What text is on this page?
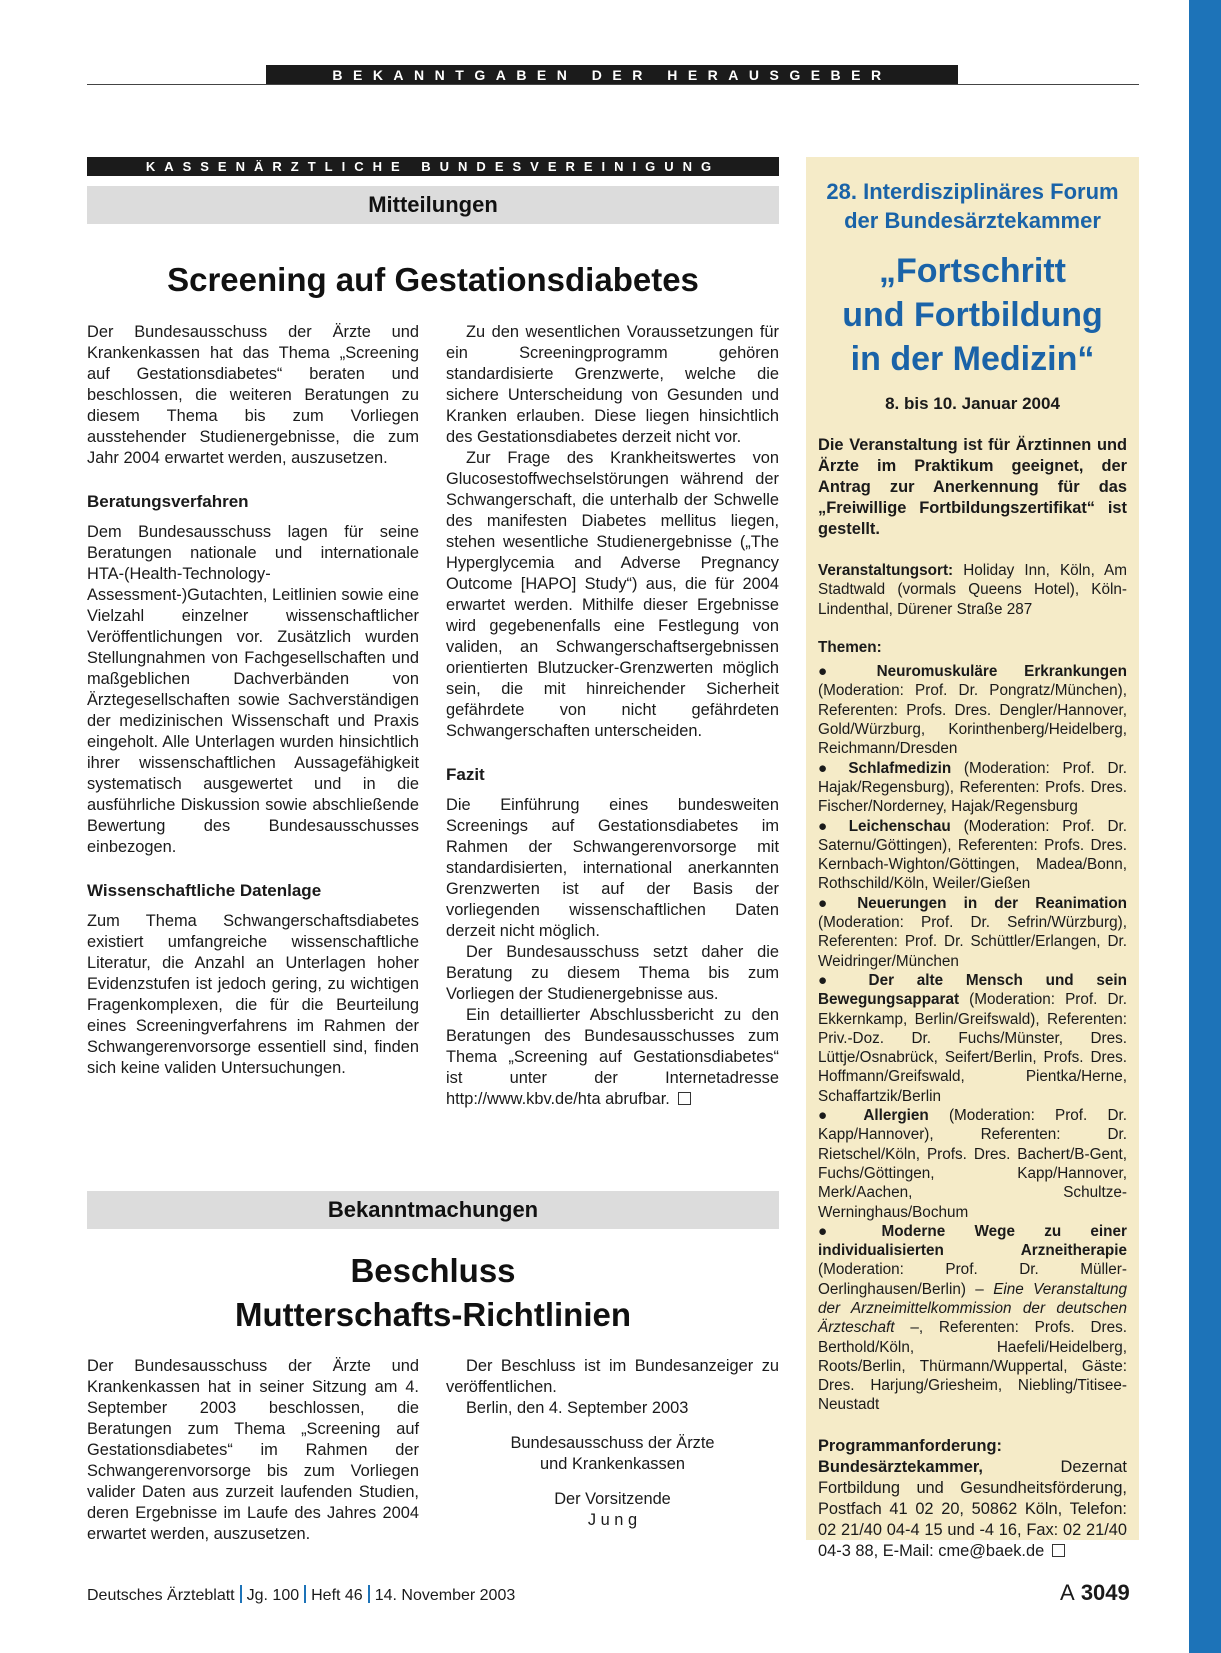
BEKANNTGABEN DER HERAUSGEBER
KASSENÄRZTLICHE BUNDESVEREINIGUNG
Mitteilungen
Screening auf Gestationsdiabetes

Der Bundesausschuss der Ärzte und Krankenkassen hat das Thema „Screening auf Gestationsdiabetes“ beraten und beschlossen, die weiteren Beratungen zu diesem Thema bis zum Vorliegen ausstehender Studienergebnisse, die zum Jahr 2004 erwartet werden, auszusetzen.

Beratungsverfahren

Dem Bundesausschuss lagen für seine Beratungen nationale und internationale HTA-(Health-Technology-Assessment-)Gutachten, Leitlinien sowie eine Vielzahl einzelner wissenschaftlicher Veröffentlichungen vor. Zusätzlich wurden Stellungnahmen von Fachgesellschaften und maßgeblichen Dachverbänden von Ärztegesellschaften sowie Sachverständigen der medizinischen Wissenschaft und Praxis eingeholt. Alle Unterlagen wurden hinsichtlich ihrer wissenschaftlichen Aussagefähigkeit systematisch ausgewertet und in die ausführliche Diskussion sowie abschließende Bewertung des Bundesausschusses einbezogen.

Wissenschaftliche Datenlage

Zum Thema Schwangerschaftsdiabetes existiert umfangreiche wissenschaftliche Literatur, die Anzahl an Unterlagen hoher Evidenzstufen ist jedoch gering, zu wichtigen Fragenkomplexen, die für die Beurteilung eines Screeningverfahrens im Rahmen der Schwangerenvorsorge essentiell sind, finden sich keine validen Untersuchungen.

Zu den wesentlichen Voraussetzungen für ein Screeningprogramm gehören standardisierte Grenzwerte, welche die sichere Unterscheidung von Gesunden und Kranken erlauben. Diese liegen hinsichtlich des Gestationsdiabetes derzeit nicht vor.

Zur Frage des Krankheitswertes von Glucosestoffwechselstörungen während der Schwangerschaft, die unterhalb der Schwelle des manifesten Diabetes mellitus liegen, stehen wesentliche Studienergebnisse („The Hyperglycemia and Adverse Pregnancy Outcome [HAPO] Study“) aus, die für 2004 erwartet werden. Mithilfe dieser Ergebnisse wird gegebenenfalls eine Festlegung von validen, an Schwangerschaftsergebnissen orientierten Blutzucker-Grenzwerten möglich sein, die mit hinreichender Sicherheit gefährdete von nicht gefährdeten Schwangerschaften unterscheiden.

Fazit

Die Einführung eines bundesweiten Screenings auf Gestationsdiabetes im Rahmen der Schwangerenvorsorge mit standardisierten, international anerkannten Grenzwerten ist auf der Basis der vorliegenden wissenschaftlichen Daten derzeit nicht möglich.

Der Bundesausschuss setzt daher die Beratung zu diesem Thema bis zum Vorliegen der Studienergebnisse aus.

Ein detaillierter Abschlussbericht zu den Beratungen des Bundesausschusses zum Thema „Screening auf Gestationsdiabetes“ ist unter der Internetadresse http://www.kbv.de/hta abrufbar.

Bekanntmachungen
Beschluss
Mutterschafts-Richtlinien

Der Bundesausschuss der Ärzte und Krankenkassen hat in seiner Sitzung am 4. September 2003 beschlossen, die Beratungen zum Thema „Screening auf Gestationsdiabetes“ im Rahmen der Schwangerenvorsorge bis zum Vorliegen valider Daten aus zurzeit laufenden Studien, deren Ergebnisse im Laufe des Jahres 2004 erwartet werden, auszusetzen.

Der Beschluss ist im Bundesanzeiger zu veröffentlichen.

Berlin, den 4. September 2003

Bundesausschuss der Ärzte

und Krankenkassen

Der Vorsitzende

J u n g

28. Interdisziplinäres Forum
der Bundesärztekammer
„Fortschritt
und Fortbildung
in der Medizin“
8. bis 10. Januar 2004

Die Veranstaltung ist für Ärztinnen und Ärzte im Praktikum geeignet, der Antrag zur Anerkennung für das „Freiwillige Fortbildungszertifikat“ ist gestellt.

Veranstaltungsort: Holiday Inn, Köln, Am Stadtwald (vormals Queens Hotel), Köln-Lindenthal, Dürener Straße 287

Themen:

● Neuromuskuläre Erkrankungen (Moderation: Prof. Dr. Pongratz/München), Referenten: Profs. Dres. Dengler/Hannover, Gold/Würzburg, Korinthenberg/Heidelberg, Reichmann/Dresden

● Schlafmedizin (Moderation: Prof. Dr. Hajak/Regensburg), Referenten: Profs. Dres. Fischer/Norderney, Hajak/Regensburg

● Leichenschau (Moderation: Prof. Dr. Saternu/Göttingen), Referenten: Profs. Dres. Kernbach-Wighton/Göttingen, Madea/Bonn, Rothschild/Köln, Weiler/Gießen

● Neuerungen in der Reanimation (Moderation: Prof. Dr. Sefrin/Würzburg), Referenten: Prof. Dr. Schüttler/Erlangen, Dr. Weidringer/München

● Der alte Mensch und sein Bewegungsapparat (Moderation: Prof. Dr. Ekkernkamp, Berlin/Greifswald), Referenten: Priv.-Doz. Dr. Fuchs/Münster, Dres. Lüttje/Osnabrück, Seifert/Berlin, Profs. Dres. Hoffmann/Greifswald, Pientka/Herne, Schaffartzik/Berlin

● Allergien (Moderation: Prof. Dr. Kapp/Hannover), Referenten: Dr. Rietschel/Köln, Profs. Dres. Bachert/B-Gent, Fuchs/Göttingen, Kapp/Hannover, Merk/Aachen, Schultze-Werninghaus/Bochum

● Moderne Wege zu einer individualisierten Arzneitherapie (Moderation: Prof. Dr. Müller-Oerlinghausen/Berlin) – Eine Veranstaltung der Arzneimittelkommission der deutschen Ärzteschaft –, Referenten: Profs. Dres. Berthold/Köln, Haefeli/Heidelberg, Roots/Berlin, Thürmann/Wuppertal, Gäste: Dres. Harjung/Griesheim, Niebling/Titisee-Neustadt

Programmanforderung: Bundesärztekammer,	Dezernat Fortbildung und Gesundheitsförderung, Postfach 41 02 20, 50862 Köln, Telefon: 02 21/40 04-4 15 und -4 16, Fax: 02 21/40 04-3 88, E-Mail: cme@baek.de

Deutsches Ärzteblatt Jg. 100 Heft 46 14. November 2003	A 3049
